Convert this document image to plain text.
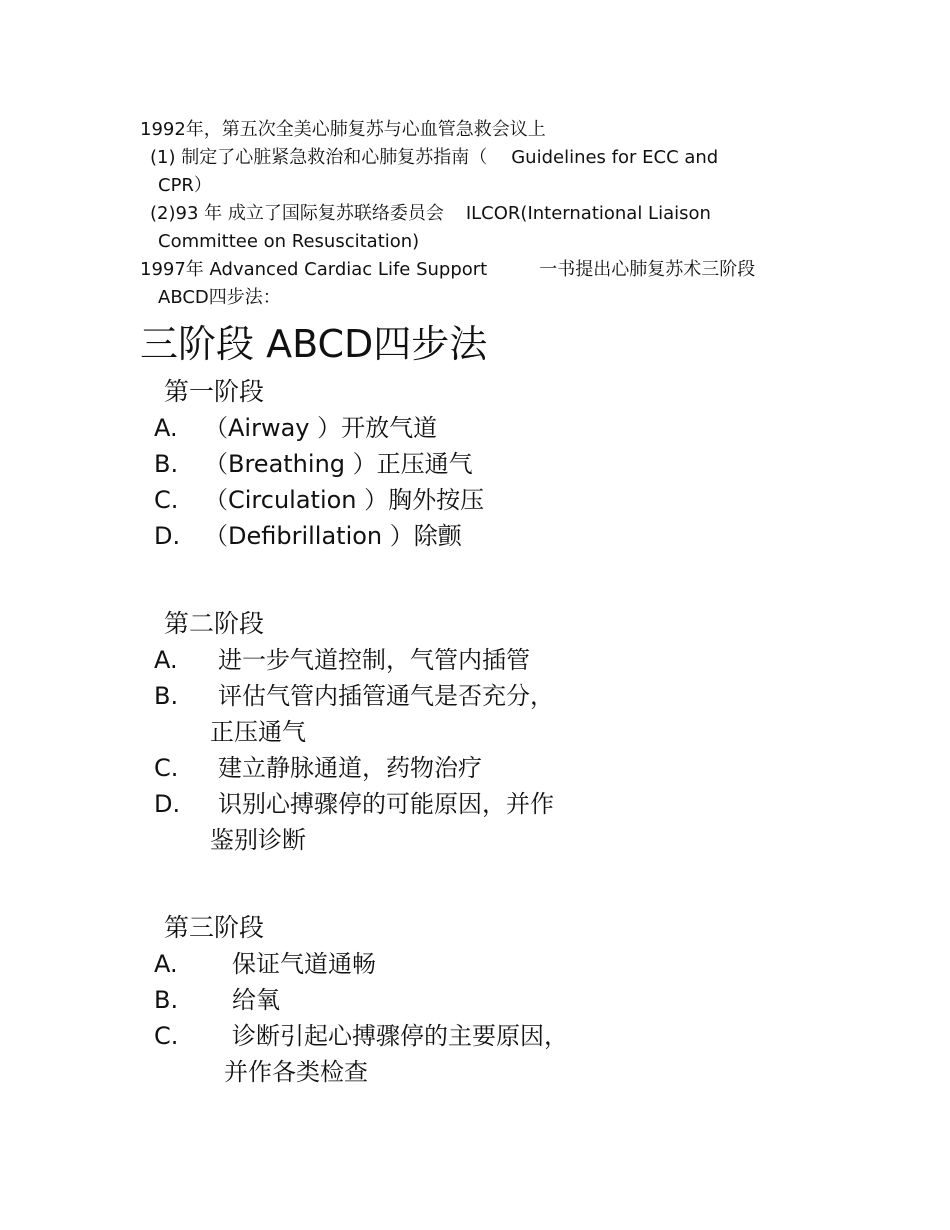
1992年，第五次全美心肺复苏与心血管急救会议上
(1) 制定了心脏紧急救治和心肺复苏指南（ Guidelines for ECC and
CPR）
(2)93 年 成立了国际复苏联络委员会 ILCOR(International Liaison
Committee on Resuscitation)
1997年 Advanced Cardiac Life Support	一书提出心肺复苏术三阶段
ABCD四步法：
三阶段 ABCD四步法
第一阶段
A.	（Airway ）开放气道
B.	（Breathing ）正压通气
C.	（Circulation ）胸外按压
D. （Defibrillation ）除颤
第二阶段
A.	进一步气道控制，气管内插管
B.	评估气管内插管通气是否充分，
正压通气
C.	建立静脉通道，药物治疗
D.	识别心搏骤停的可能原因，并作
鉴别诊断
第三阶段
A.	保证气道通畅
B.	给氧
C.	诊断引起心搏骤停的主要原因，
并作各类检查
